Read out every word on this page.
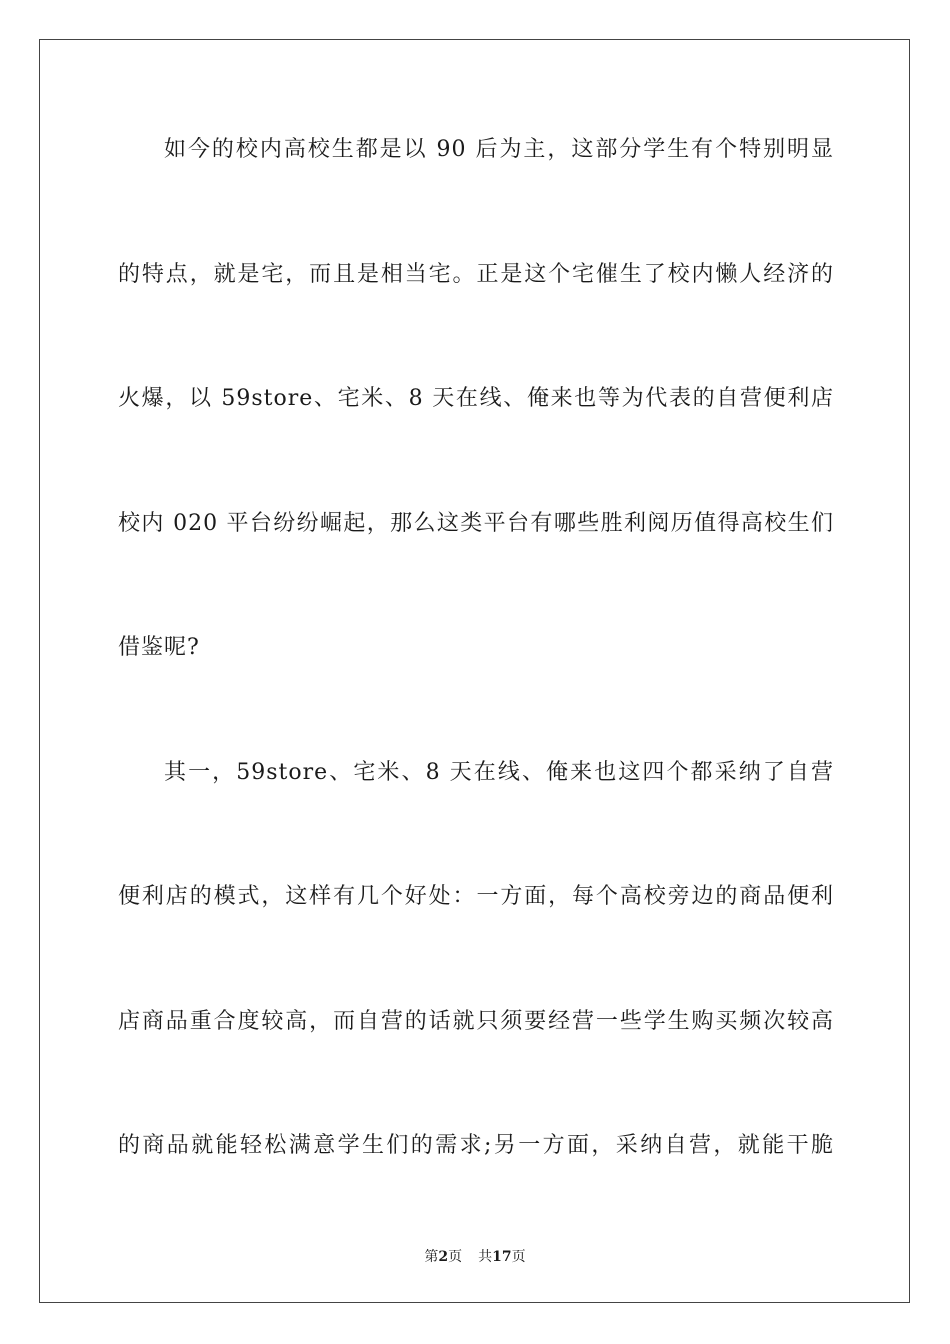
如今的校内高校生都是以 90 后为主，这部分学生有个特别明显
的特点，就是宅，而且是相当宅。正是这个宅催生了校内懒人经济的
火爆，以 59store、宅米、8 天在线、俺来也等为代表的自营便利店
校内 020 平台纷纷崛起，那么这类平台有哪些胜利阅历值得高校生们
借鉴呢?
其一，59store、宅米、8 天在线、俺来也这四个都采纳了自营
便利店的模式，这样有几个好处：一方面，每个高校旁边的商品便利
店商品重合度较高，而自营的话就只须要经营一些学生购买频次较高
的商品就能轻松满意学生们的需求;另一方面，采纳自营，就能干脆
第2页 共17页
